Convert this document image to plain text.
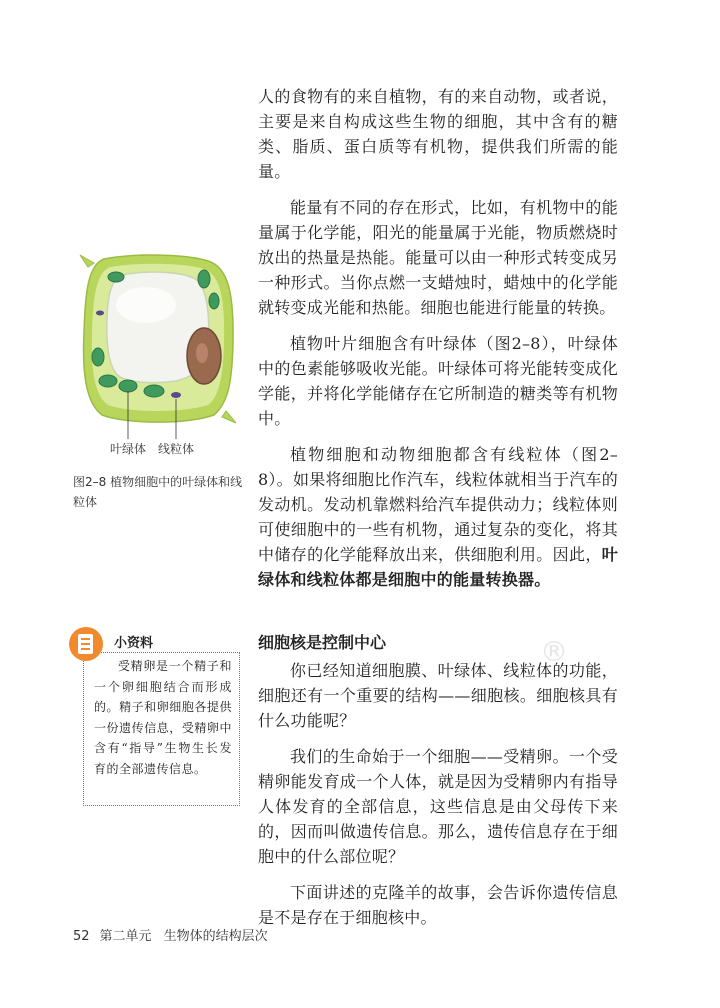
人的食物有的来自植物，有的来自动物，或者说，主要是来自构成这些生物的细胞，其中含有的糖类、脂质、蛋白质等有机物，提供我们所需的能量。

能量有不同的存在形式，比如，有机物中的能量属于化学能，阳光的能量属于光能，物质燃烧时放出的热量是热能。能量可以由一种形式转变成另一种形式。当你点燃一支蜡烛时，蜡烛中的化学能就转变成光能和热能。细胞也能进行能量的转换。

植物叶片细胞含有叶绿体（图2–8），叶绿体中的色素能够吸收光能。叶绿体可将光能转变成化学能，并将化学能储存在它所制造的糖类等有机物中。

植物细胞和动物细胞都含有线粒体（图2–8）。如果将细胞比作汽车，线粒体就相当于汽车的发动机。发动机靠燃料给汽车提供动力；线粒体则可使细胞中的一些有机物，通过复杂的变化，将其中储存的化学能释放出来，供细胞利用。因此，叶绿体和线粒体都是细胞中的能量转换器。

细胞核是控制中心

你已经知道细胞膜、叶绿体、线粒体的功能，细胞还有一个重要的结构——细胞核。细胞核具有什么功能呢？

我们的生命始于一个细胞——受精卵。一个受精卵能发育成一个人体，就是因为受精卵内有指导人体发育的全部信息，这些信息是由父母传下来的，因而叫做遗传信息。那么，遗传信息存在于细胞中的什么部位呢？

下面讲述的克隆羊的故事，会告诉你遗传信息是不是存在于细胞核中。

叶绿体 线粒体
图2–8 植物细胞中的叶绿体和线粒体
小资料
受精卵是一个精子和一个卵细胞结合而形成的。精子和卵细胞各提供一份遗传信息，受精卵中含有“指导”生物生长发育的全部遗传信息。
®
52 第二单元 生物体的结构层次
